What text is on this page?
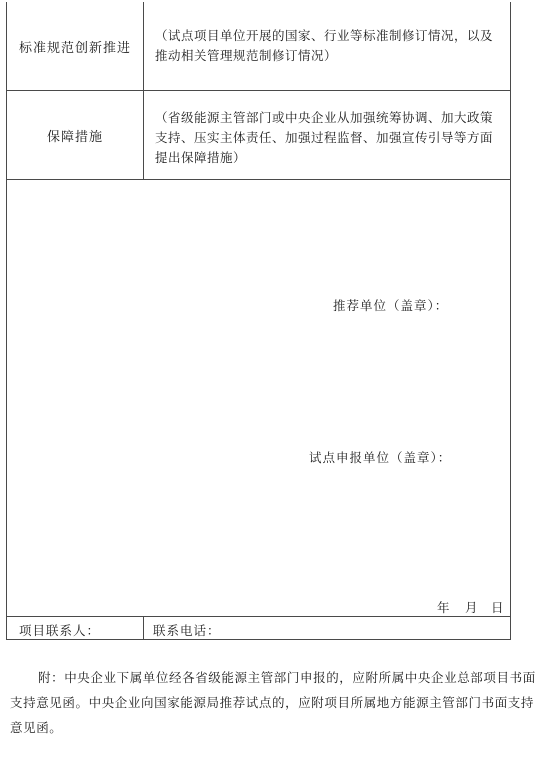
标准规范创新推进
（试点项目单位开展的国家、行业等标准制修订情况，以及推动相关管理规范制修订情况）
保障措施
（省级能源主管部门或中央企业从加强统筹协调、加大政策支持、压实主体责任、加强过程监督、加强宣传引导等方面提出保障措施）
推荐单位（盖章）：
试点申报单位（盖章）：
年 月 日
项目联系人：	联系电话：
附：中央企业下属单位经各省级能源主管部门申报的，应附所属中央企业总部项目书面支持意见函。中央企业向国家能源局推荐试点的，应附项目所属地方能源主管部门书面支持意见函。
